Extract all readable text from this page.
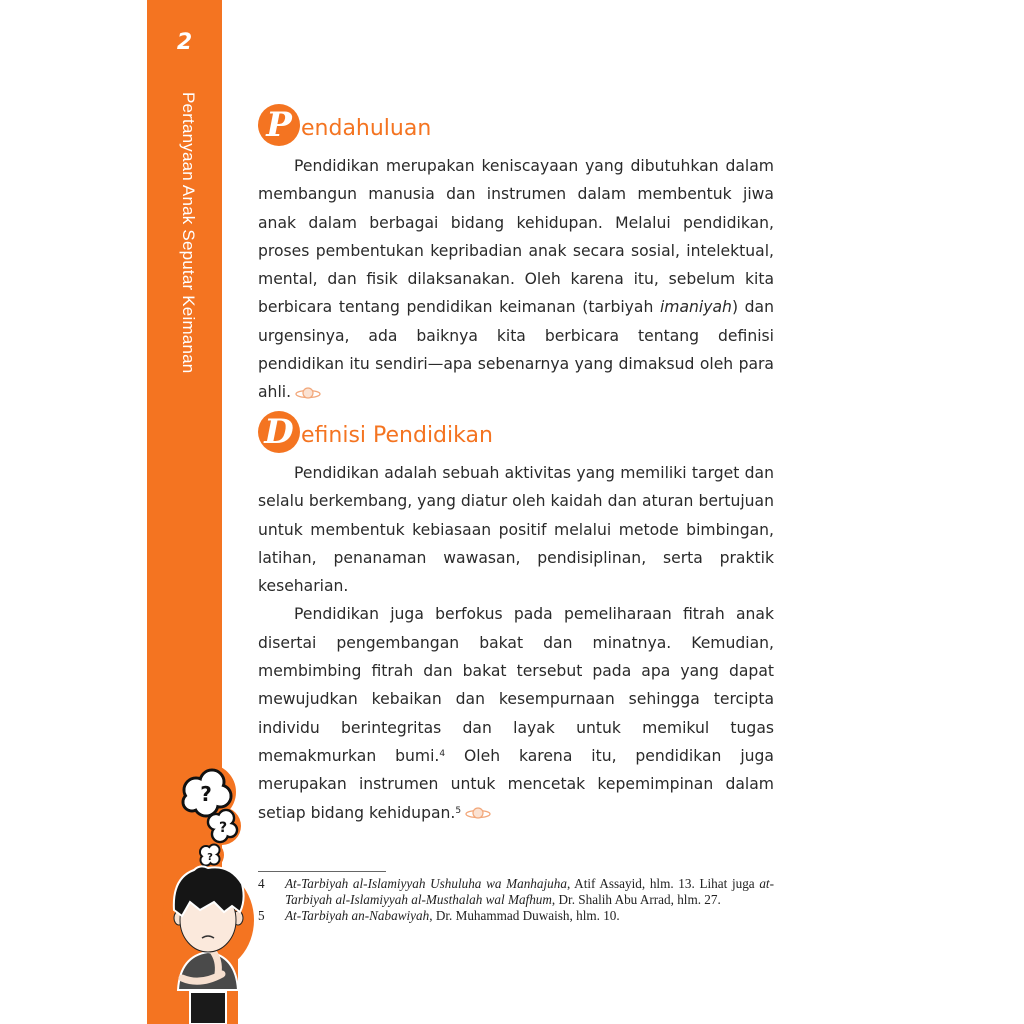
2
Pertanyaan Anak Seputar Keimanan P endahuluan

Pendidikan merupakan keniscayaan yang dibutuhkan dalam membangun manusia dan instrumen dalam membentuk jiwa anak dalam berbagai bidang kehidupan. Melalui pendidikan, proses pembentukan kepribadian anak secara sosial, intelektual, mental, dan fisik dilaksanakan. Oleh karena itu, sebelum kita berbicara tentang pendidikan keimanan (tarbiyah imaniyah) dan urgensinya, ada baiknya kita berbicara tentang definisi pendidikan itu sendiri—apa sebenarnya yang dimaksud oleh para ahli.

D efinisi Pendidikan

Pendidikan adalah sebuah aktivitas yang memiliki target dan selalu berkembang, yang diatur oleh kaidah dan aturan bertujuan untuk membentuk kebiasaan positif melalui metode bimbingan, latihan, penanaman wawasan, pendisiplinan, serta praktik keseharian.

Pendidikan juga berfokus pada pemeliharaan fitrah anak disertai pengembangan bakat dan minatnya. Kemudian, membimbing fitrah dan bakat tersebut pada apa yang dapat mewujudkan kebaikan dan kesempurnaan sehingga tercipta individu berintegritas dan layak untuk memikul tugas memakmurkan bumi.$^4$ Oleh karena itu, pendidikan juga merupakan instrumen untuk mencetak kepemimpinan dalam setiap bidang kehidupan.$^5$

4	At-Tarbiyah al-Islamiyyah Ushuluha wa Manhajuha, Atif Assayid, hlm. 13. Lihat juga at-Tarbiyah al-Islamiyyah al-Musthalah wal Mafhum, Dr. Shalih Abu Arrad, hlm. 27.
5	At-Tarbiyah an-Nabawiyah, Dr. Muhammad Duwaish, hlm. 10.
?
?
?
